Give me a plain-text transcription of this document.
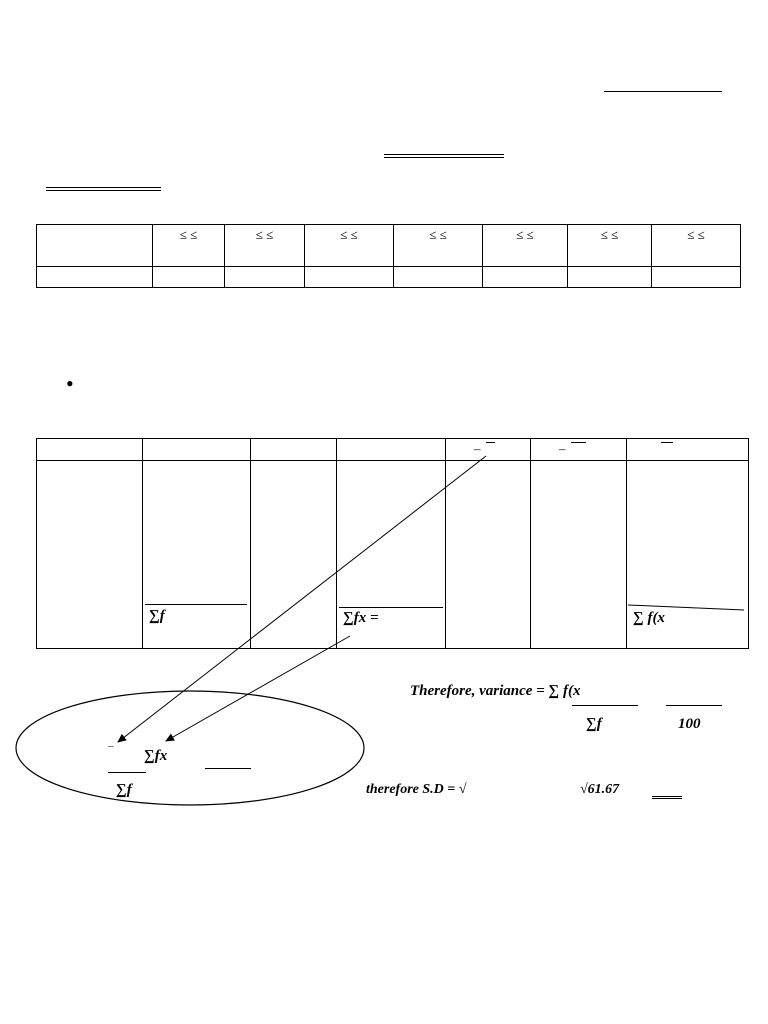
	≤ ≤	≤ ≤	≤ ≤	≤ ≤	≤ ≤	≤ ≤	≤ ≤

•

				–	–	

	∑f		∑fx =			∑ f(x
Therefore, variance = ∑ f(x
∑f	100
–
∑fx
∑f	therefore S.D = √	√61.67
